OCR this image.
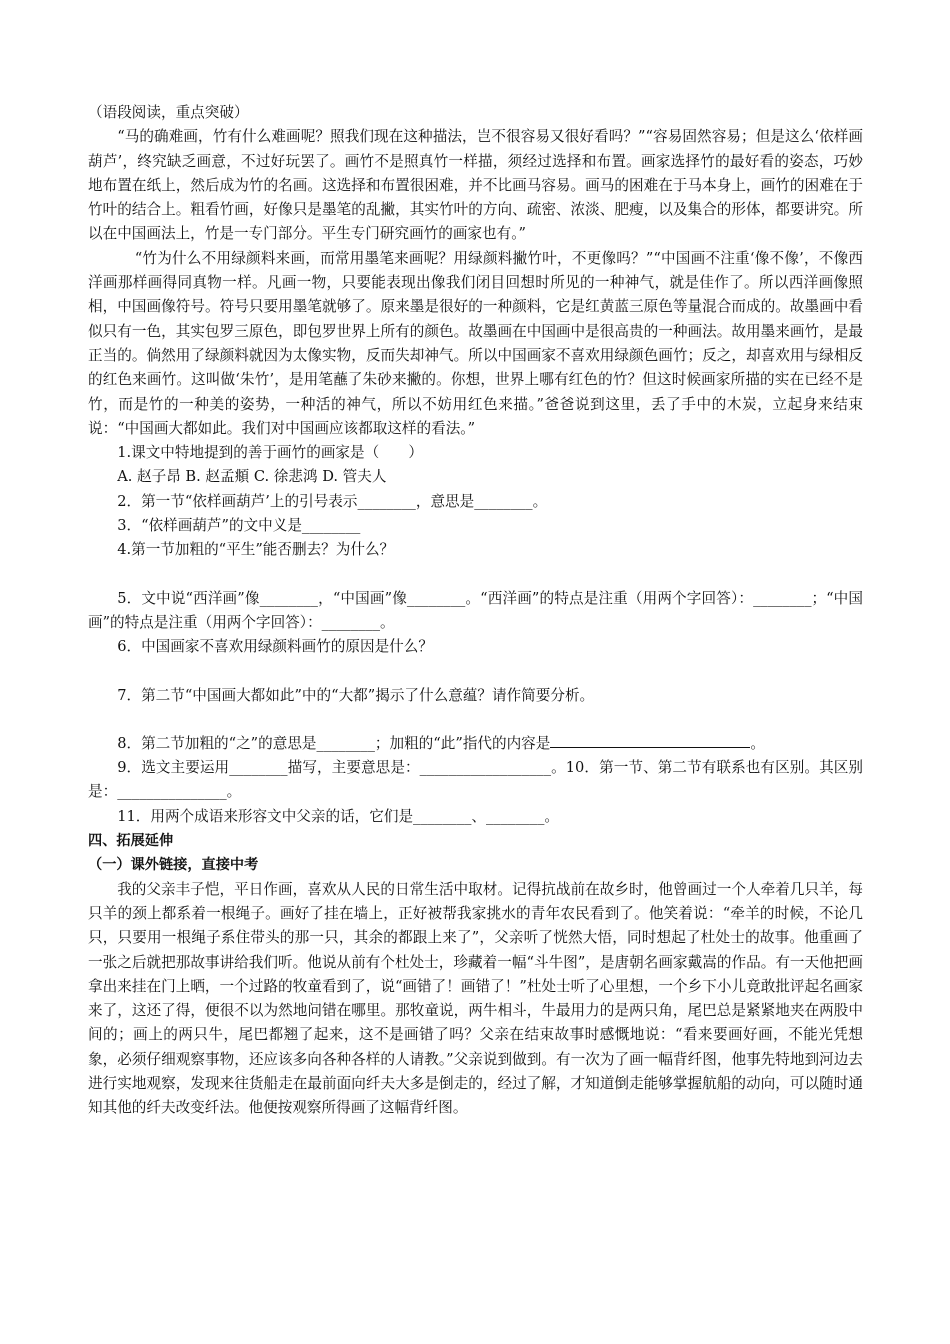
（语段阅读，重点突破）

“马的确难画，竹有什么难画呢？照我们现在这种描法，岂不很容易又很好看吗？”“容易固然容易；但是这么‘依样画葫芦’，终究缺乏画意，不过好玩罢了。画竹不是照真竹一样描，须经过选择和布置。画家选择竹的最好看的姿态，巧妙地布置在纸上，然后成为竹的名画。这选择和布置很困难，并不比画马容易。画马的困难在于马本身上，画竹的困难在于竹叶的结合上。粗看竹画，好像只是墨笔的乱撇，其实竹叶的方向、疏密、浓淡、肥瘦，以及集合的形体，都要讲究。所以在中国画法上，竹是一专门部分。平生专门研究画竹的画家也有。”

“竹为什么不用绿颜料来画，而常用墨笔来画呢？用绿颜料撇竹叶，不更像吗？”“中国画不注重‘像不像’，不像西洋画那样画得同真物一样。凡画一物，只要能表现出像我们闭目回想时所见的一种神气，就是佳作了。所以西洋画像照相，中国画像符号。符号只要用墨笔就够了。原来墨是很好的一种颜料，它是红黄蓝三原色等量混合而成的。故墨画中看似只有一色，其实包罗三原色，即包罗世界上所有的颜色。故墨画在中国画中是很高贵的一种画法。故用墨来画竹，是最正当的。倘然用了绿颜料就因为太像实物，反而失却神气。所以中国画家不喜欢用绿颜色画竹；反之，却喜欢用与绿相反的红色来画竹。这叫做‘朱竹’，是用笔蘸了朱砂来撇的。你想，世界上哪有红色的竹？但这时候画家所描的实在已经不是竹，而是竹的一种美的姿势，一种活的神气，所以不妨用红色来描。”爸爸说到这里，丢了手中的木炭，立起身来结束说：“中国画大都如此。我们对中国画应该都取这样的看法。”

1.课文中特地提到的善于画竹的画家是（　　）

A. 赵子昂 B. 赵孟頫 C. 徐悲鸿 D. 管夫人

2．第一节“依样画葫芦’上的引号表示________，意思是________。

3．“依样画葫芦”的文中义是________

4.第一节加粗的“平生”能否删去？为什么？

5．文中说“西洋画”像________，“中国画”像________。“西洋画”的特点是注重（用两个字回答）：________；“中国画”的特点是注重（用两个字回答）：________。

6．中国画家不喜欢用绿颜料画竹的原因是什么？

7．第二节“中国画大都如此”中的“大都”揭示了什么意蕴？请作简要分析。

8．第二节加粗的“之”的意思是________；加粗的“此”指代的内容是	。

9．选文主要运用________描写，主要意思是：__________________。10．第一节、第二节有联系也有区别。其区别是：_______________。

11．用两个成语来形容文中父亲的话，它们是________、________。

四、拓展延伸

（一）课外链接，直接中考

我的父亲丰子恺，平日作画，喜欢从人民的日常生活中取材。记得抗战前在故乡时，他曾画过一个人牵着几只羊，每只羊的颈上都系着一根绳子。画好了挂在墙上，正好被帮我家挑水的青年农民看到了。他笑着说：“牵羊的时候，不论几只，只要用一根绳子系住带头的那一只，其余的都跟上来了”，父亲听了恍然大悟，同时想起了杜处士的故事。他重画了一张之后就把那故事讲给我们听。他说从前有个杜处士，珍藏着一幅“斗牛图”，是唐朝名画家戴嵩的作品。有一天他把画拿出来挂在门上晒，一个过路的牧童看到了，说“画错了！画错了！”杜处士听了心里想，一个乡下小儿竟敢批评起名画家来了，这还了得，便很不以为然地问错在哪里。那牧童说，两牛相斗，牛最用力的是两只角，尾巴总是紧紧地夹在两股中间的；画上的两只牛，尾巴都翘了起来，这不是画错了吗？父亲在结束故事时感慨地说：“看来要画好画，不能光凭想象，必须仔细观察事物，还应该多向各种各样的人请教。”父亲说到做到。有一次为了画一幅背纤图，他事先特地到河边去进行实地观察，发现来往货船走在最前面向纤夫大多是倒走的，经过了解，才知道倒走能够掌握航船的动向，可以随时通知其他的纤夫改变纤法。他便按观察所得画了这幅背纤图。
